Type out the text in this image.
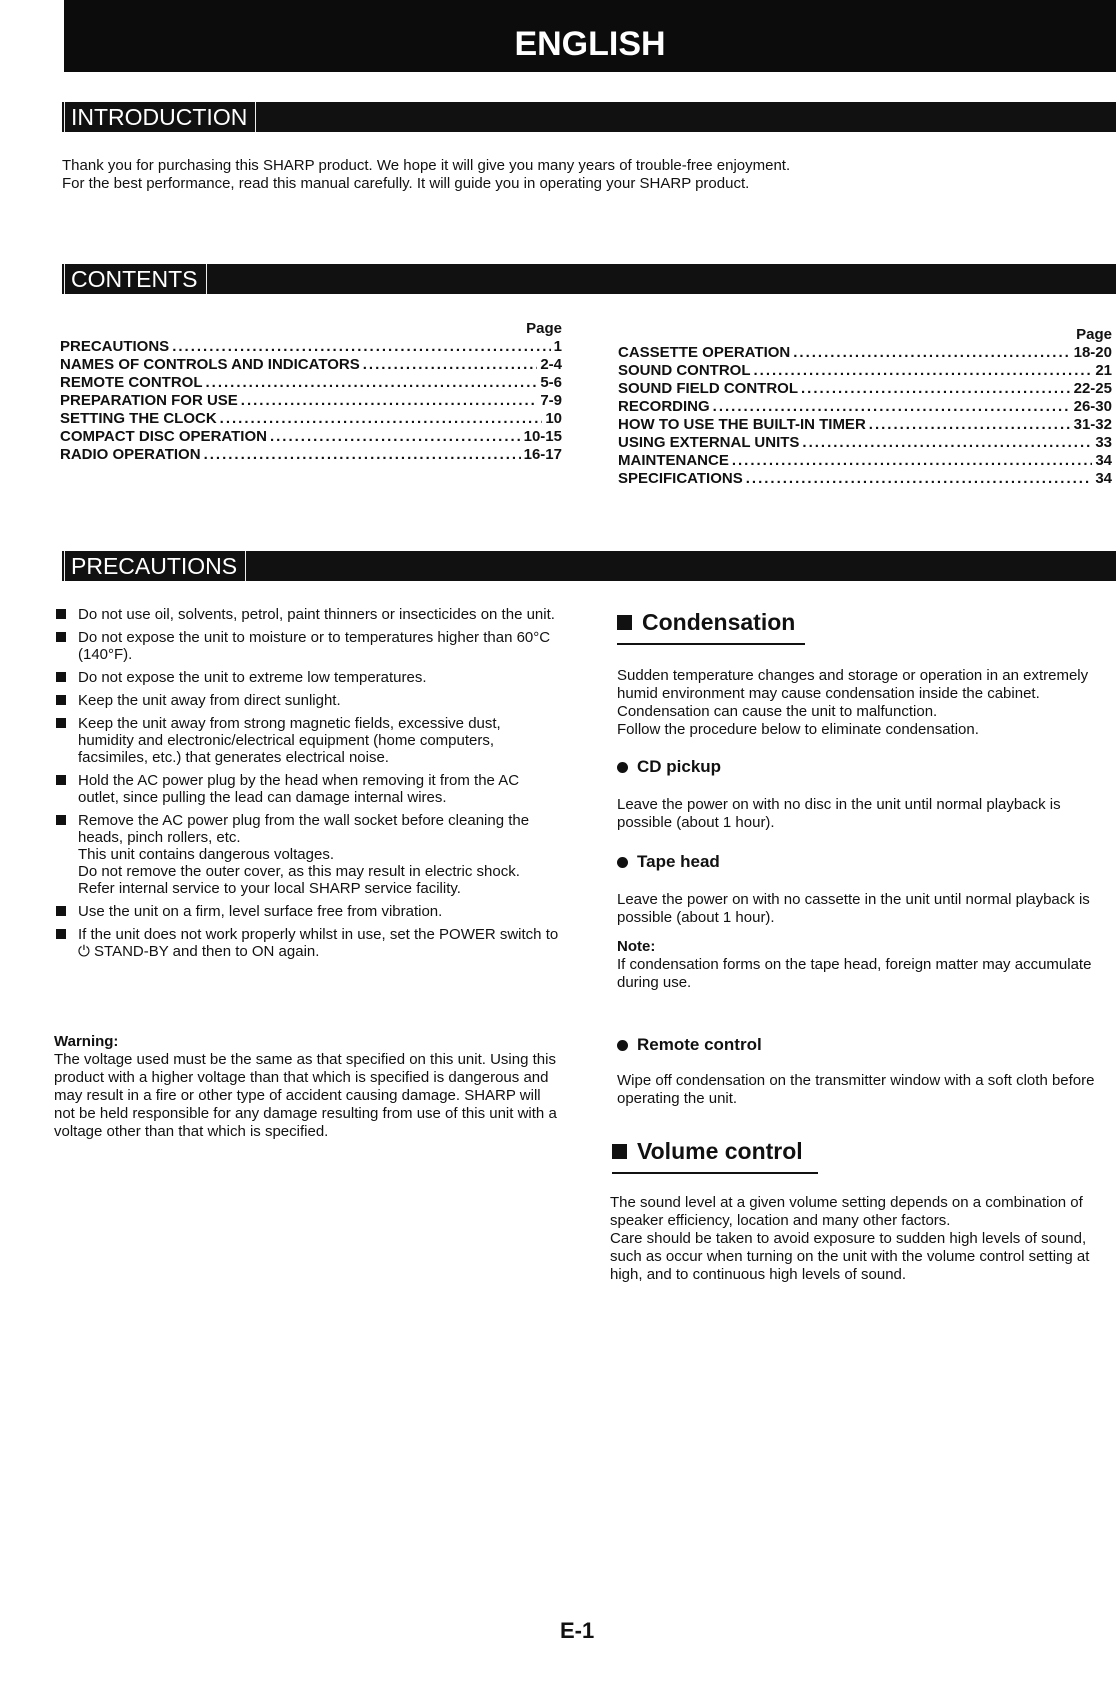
ENGLISH
INTRODUCTION
Thank you for purchasing this SHARP product. We hope it will give you many years of trouble-free enjoyment.
For the best performance, read this manual carefully. It will guide you in operating your SHARP product.
CONTENTS
Page
PRECAUTIONS .....	1
NAMES OF CONTROLS AND INDICATORS .....	2-4
REMOTE CONTROL .....	5-6
PREPARATION FOR USE .....	7-9
SETTING THE CLOCK .....	10
COMPACT DISC OPERATION .....	10-15
RADIO OPERATION .....	16-17
Page
CASSETTE OPERATION .....	18-20
SOUND CONTROL .....	21
SOUND FIELD CONTROL .....	22-25
RECORDING .....	26-30
HOW TO USE THE BUILT-IN TIMER .....	31-32
USING EXTERNAL UNITS .....	33
MAINTENANCE .....	34
SPECIFICATIONS .....	34
PRECAUTIONS
Do not use oil, solvents, petrol, paint thinners or insecticides on the unit.
Do not expose the unit to moisture or to temperatures higher than 60°C (140°F).
Do not expose the unit to extreme low temperatures.
Keep the unit away from direct sunlight.
Keep the unit away from strong magnetic fields, excessive dust, humidity and electronic/electrical equipment (home computers, facsimiles, etc.) that generates electrical noise.
Hold the AC power plug by the head when removing it from the AC outlet, since pulling the lead can damage internal wires.
Remove the AC power plug from the wall socket before cleaning the heads, pinch rollers, etc.
This unit contains dangerous voltages.
Do not remove the outer cover, as this may result in electric shock. Refer internal service to your local SHARP service facility.
Use the unit on a firm, level surface free from vibration.
If the unit does not work properly whilst in use, set the POWER switch to ⏻ STAND-BY and then to ON again.
Warning:
The voltage used must be the same as that specified on this unit. Using this product with a higher voltage than that which is specified is dangerous and may result in a fire or other type of accident causing damage. SHARP will not be held responsible for any damage resulting from use of this unit with a voltage other than that which is specified.
Condensation
Sudden temperature changes and storage or operation in an extremely humid environment may cause condensation inside the cabinet.
Condensation can cause the unit to malfunction.
Follow the procedure below to eliminate condensation.
CD pickup
Leave the power on with no disc in the unit until normal playback is possible (about 1 hour).
Tape head
Leave the power on with no cassette in the unit until normal playback is possible (about 1 hour).
Note:
If condensation forms on the tape head, foreign matter may accumulate during use.
Remote control
Wipe off condensation on the transmitter window with a soft cloth before operating the unit.
Volume control
The sound level at a given volume setting depends on a combination of speaker efficiency, location and many other factors.
Care should be taken to avoid exposure to sudden high levels of sound, such as occur when turning on the unit with the volume control setting at high, and to continuous high levels of sound.
E-1
